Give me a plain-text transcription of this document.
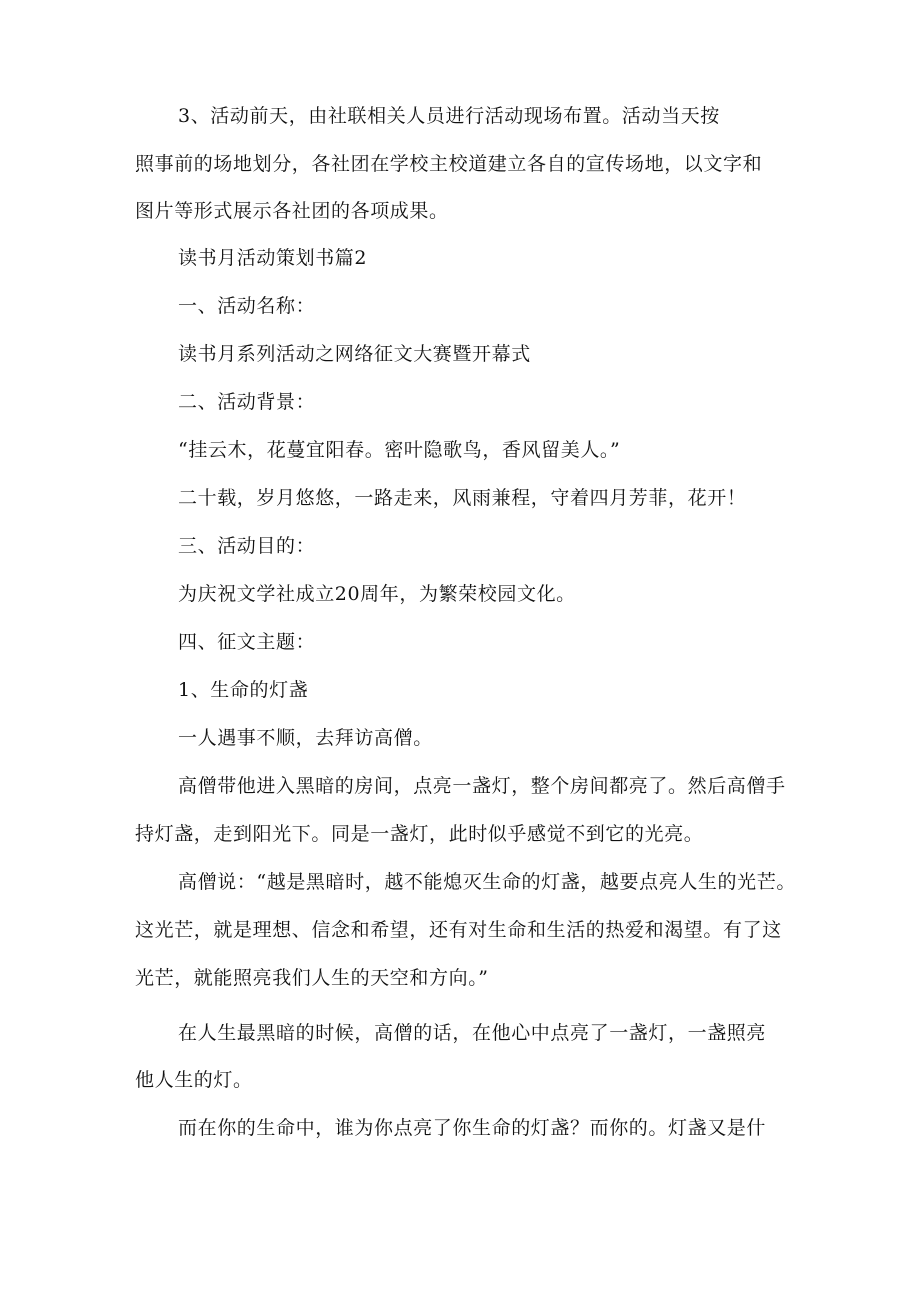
3、活动前天，由社联相关人员进行活动现场布置。活动当天按
照事前的场地划分，各社团在学校主校道建立各自的宣传场地，以文字和
图片等形式展示各社团的各项成果。
读书月活动策划书篇2
一、活动名称：
读书月系列活动之网络征文大赛暨开幕式
二、活动背景：
“挂云木，花蔓宜阳春。密叶隐歌鸟，香风留美人。”
二十载，岁月悠悠，一路走来，风雨兼程，守着四月芳菲，花开！
三、活动目的：
为庆祝文学社成立20周年，为繁荣校园文化。
四、征文主题：
1、生命的灯盏
一人遇事不顺，去拜访高僧。
高僧带他进入黑暗的房间，点亮一盏灯，整个房间都亮了。然后高僧手
持灯盏，走到阳光下。同是一盏灯，此时似乎感觉不到它的光亮。
高僧说：“越是黑暗时，越不能熄灭生命的灯盏，越要点亮人生的光芒。
这光芒，就是理想、信念和希望，还有对生命和生活的热爱和渴望。有了这
光芒，就能照亮我们人生的天空和方向。”
在人生最黑暗的时候，高僧的话，在他心中点亮了一盏灯，一盏照亮
他人生的灯。
而在你的生命中，谁为你点亮了你生命的灯盏？而你的。灯盏又是什
